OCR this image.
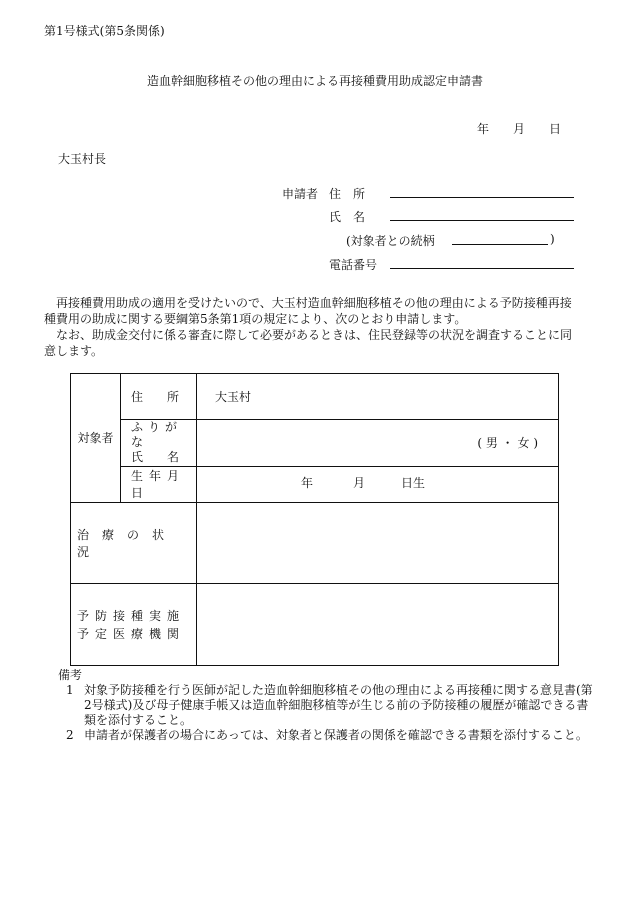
第1号様式(第5条関係)
造血幹細胞移植その他の理由による再接種費用助成認定申請書
年 月 日
大玉村長
申請者 住　所
氏　名
(対象者との続柄	)
電話番号

　再接種費用助成の適用を受けたいので、大玉村造血幹細胞移植その他の理由による予防接種再接

種費用の助成に関する要綱第5条第1項の規定により、次のとおり申請します。

　なお、助成金交付に係る審査に際して必要があるときは、住民登録等の状況を調査することに同

意します。

対象者	住　　所	大玉村

	ふりがな
氏　　名	( 男 ・ 女 )

	生年月日	年 月 日生

治療の状況		

予防接種実施
予定医療機関		

備考
1 対象予防接種を行う医師が記した造血幹細胞移植その他の理由による再接種に関する意見書(第2号様式)及び母子健康手帳又は造血幹細胞移植等が生じる前の予防接種の履歴が確認できる書類を添付すること。
2 申請者が保護者の場合にあっては、対象者と保護者の関係を確認できる書類を添付すること。
